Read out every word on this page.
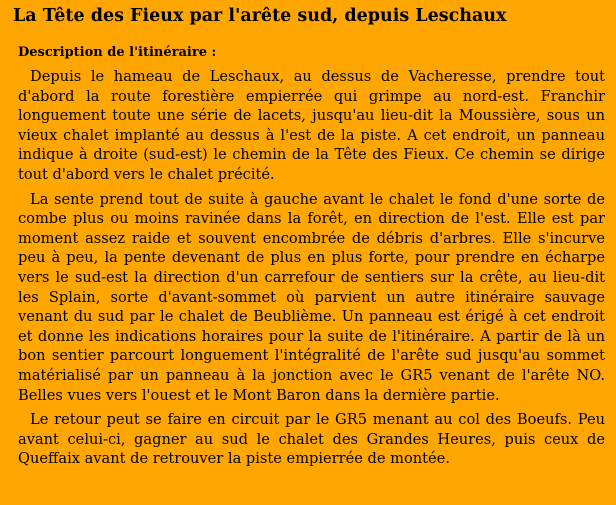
La Tête des Fieux par l'arête sud, depuis Leschaux
Description de l'itinéraire :

Depuis le hameau de Leschaux, au dessus de Vacheresse, prendre tout d'abord la route forestière empierrée qui grimpe au nord-est. Franchir longuement toute une série de lacets, jusqu'au lieu-dit la Moussière, sous un vieux chalet implanté au dessus à l'est de la piste. A cet endroit, un panneau indique à droite (sud-est) le chemin de la Tête des Fieux. Ce chemin se dirige tout d'abord vers le chalet précité.

La sente prend tout de suite à gauche avant le chalet le fond d'une sorte de combe plus ou moins ravinée dans la forêt, en direction de l'est. Elle est par moment assez raide et souvent encombrée de débris d'arbres. Elle s'incurve peu à peu, la pente devenant de plus en plus forte, pour prendre en écharpe vers le sud-est la direction d'un carrefour de sentiers sur la crête, au lieu-dit les Splain, sorte d'avant-sommet où parvient un autre itinéraire sauvage venant du sud par le chalet de Beublième. Un panneau est érigé à cet endroit et donne les indications horaires pour la suite de l'itinéraire. A partir de là un bon sentier parcourt longuement l'intégralité de l'arête sud jusqu'au sommet matérialisé par un panneau à la jonction avec le GR5 venant de l'arête NO. Belles vues vers l'ouest et le Mont Baron dans la dernière partie.

Le retour peut se faire en circuit par le GR5 menant au col des Boeufs. Peu avant celui-ci, gagner au sud le chalet des Grandes Heures, puis ceux de Queffaix avant de retrouver la piste empierrée de montée.
